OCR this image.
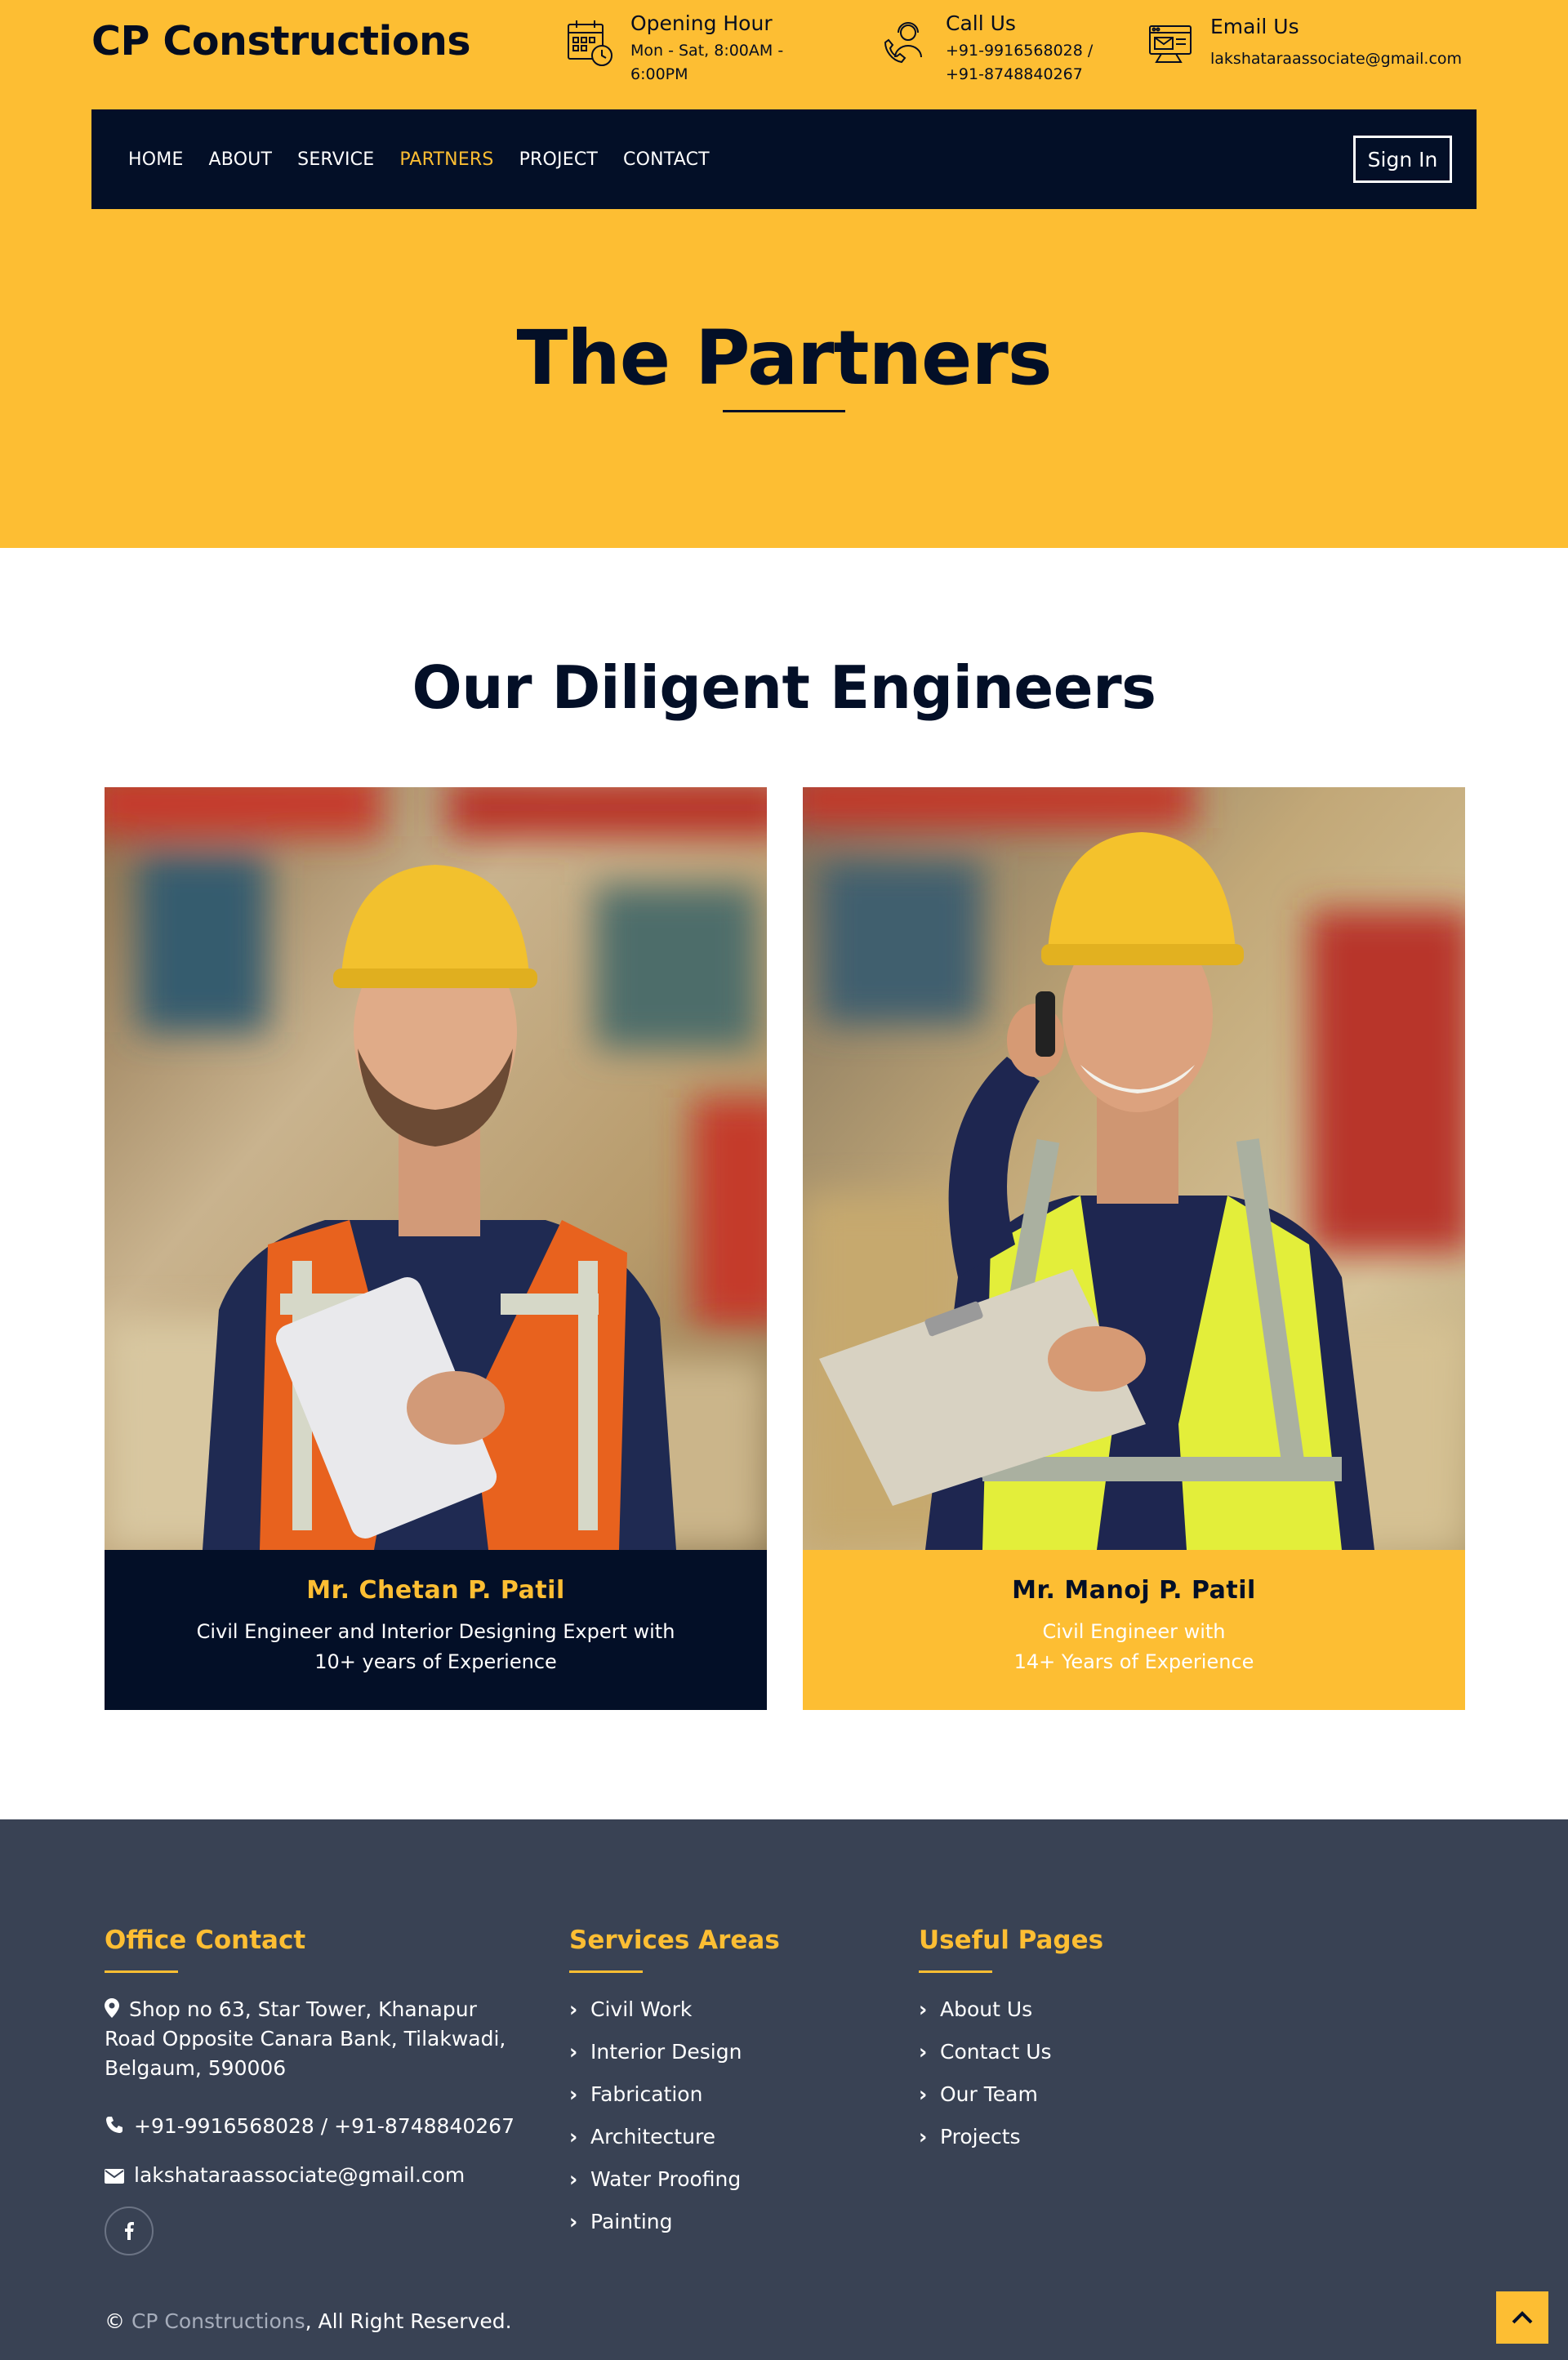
CP Constructions	Opening Hour
Mon - Sat, 8:00AM - 6:00PM
Call Us
+91-9916568028 / +91-8748840267
Email Us
lakshataraassociate@gmail.com
HOME ABOUT SERVICE PARTNERS PROJECT CONTACT	Sign In
The Partners
Our Diligent Engineers
Mr. Chetan P. Patil
Civil Engineer and Interior Designing Expert with
10+ years of Experience
Mr. Manoj P. Patil
Civil Engineer with
14+ Years of Experience
Office Contact
Shop no 63, Star Tower, Khanapur Road Opposite Canara Bank, Tilakwadi, Belgaum, 590006
+91-9916568028 / +91-8748840267
lakshataraassociate@gmail.com
Services Areas
› Civil Work
› Interior Design
› Fabrication
› Architecture
› Water Proofing
› Painting
Useful Pages
› About Us
› Contact Us
› Our Team
› Projects
© CP Constructions, All Right Reserved.
